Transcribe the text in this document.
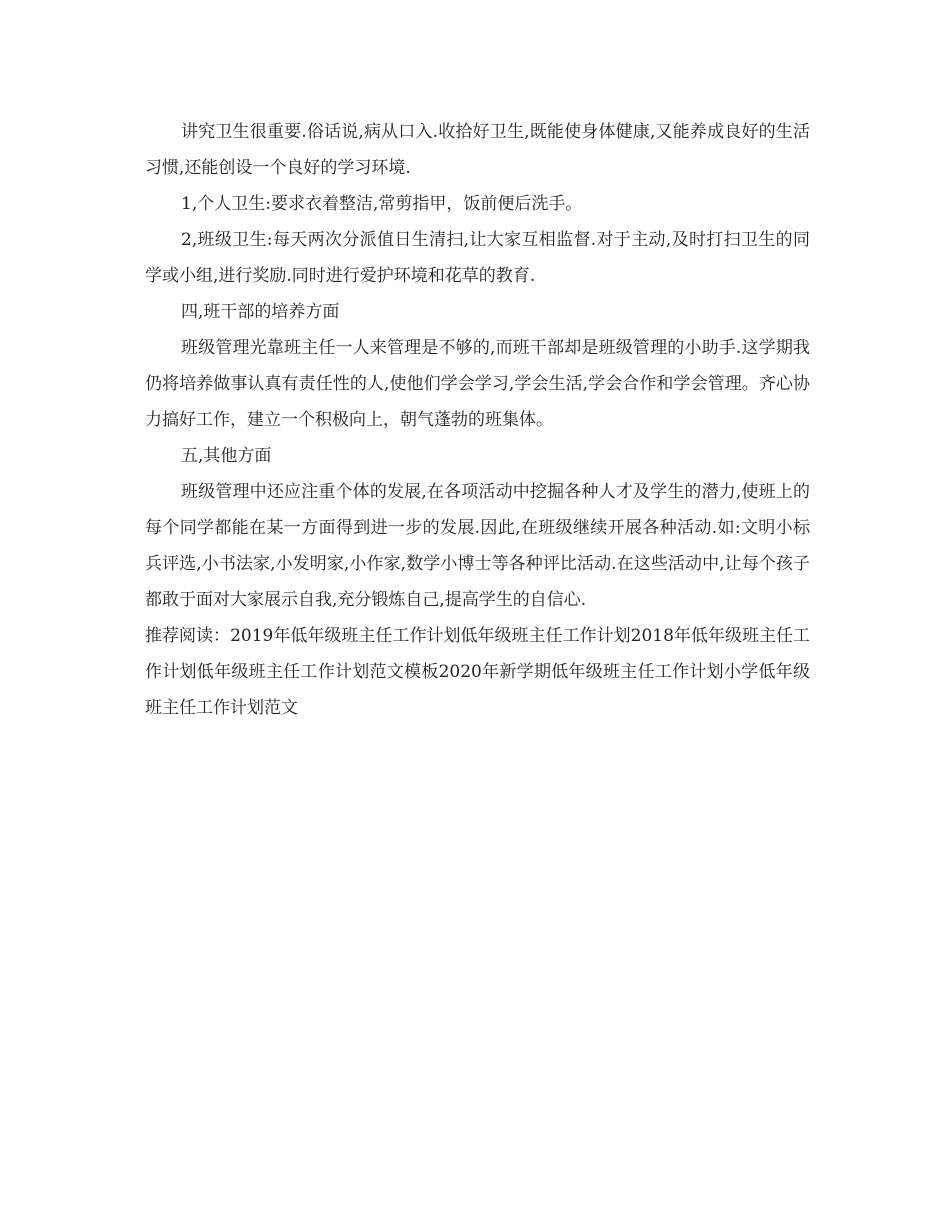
讲究卫生很重要.俗话说,病从口入.收拾好卫生,既能使身体健康,又能养成良好的生活习惯,还能创设一个良好的学习环境.

1,个人卫生:要求衣着整洁,常剪指甲，饭前便后洗手。

2,班级卫生:每天两次分派值日生清扫,让大家互相监督.对于主动,及时打扫卫生的同学或小组,进行奖励.同时进行爱护环境和花草的教育.

四,班干部的培养方面

班级管理光靠班主任一人来管理是不够的,而班干部却是班级管理的小助手.这学期我仍将培养做事认真有责任性的人,使他们学会学习,学会生活,学会合作和学会管理。齐心协力搞好工作，建立一个积极向上，朝气蓬勃的班集体。

五,其他方面

班级管理中还应注重个体的发展,在各项活动中挖掘各种人才及学生的潜力,使班上的每个同学都能在某一方面得到进一步的发展.因此,在班级继续开展各种活动.如:文明小标兵评选,小书法家,小发明家,小作家,数学小博士等各种评比活动.在这些活动中,让每个孩子都敢于面对大家展示自我,充分锻炼自己,提高学生的自信心.

推荐阅读：2019年低年级班主任工作计划低年级班主任工作计划2018年低年级班主任工作计划低年级班主任工作计划范文模板2020年新学期低年级班主任工作计划小学低年级班主任工作计划范文
